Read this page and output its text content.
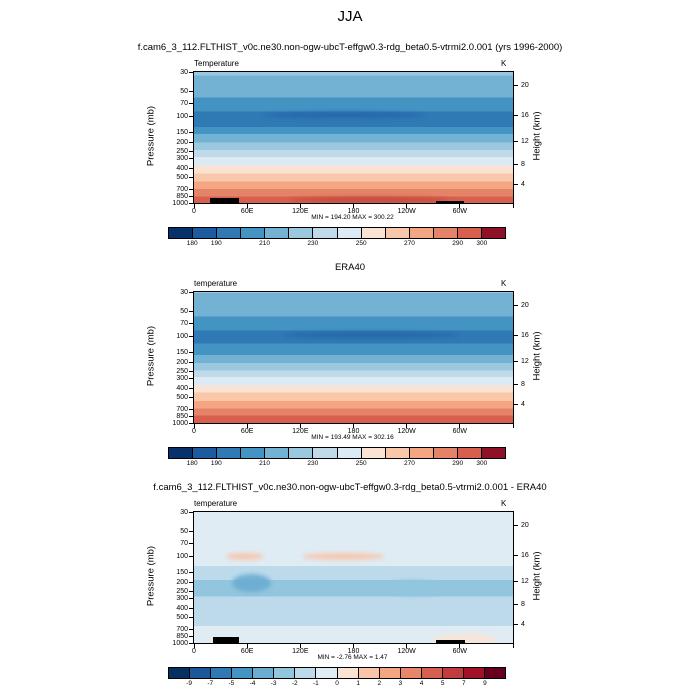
JJA
f.cam6_3_112.FLTHIST_v0c.ne30.non-ogw-ubcT-effgw0.3-rdg_beta0.5-vtrmi2.0.001 (yrs 1996-2000)
Temperature	K
Pressure (mb)	Height (km)
30
50
70
100
150
200
250
300
400
500
700
850
1000
20
16
12
8
4
0	60E	120E	180	120W	60W
MIN = 194.20 MAX = 300.22
180 190	210	230	250	270	290 300
ERA40
temperature	K
Pressure (mb)	Height (km)
30
50
70
100
150
200
250
300
400
500
700
850
1000
20
16
12
8
4
0	60E	120E	180	120W	60W
MIN = 193.49 MAX = 302.16
180 190	210	230	250	270	290 300
f.cam6_3_112.FLTHIST_v0c.ne30.non-ogw-ubcT-effgw0.3-rdg_beta0.5-vtrmi2.0.001 - ERA40
temperature	K
Pressure (mb)	Height (km)
30
50
70
100
150
200
250
300
400
500
700
850
1000
20
16
12
8
4
0	60E	120E	180	120W	60W
MIN = -2.76 MAX = 1.47
-9 -7 -5 -4 -3 -2 -1	0	1	2	3	4	5	7	9
